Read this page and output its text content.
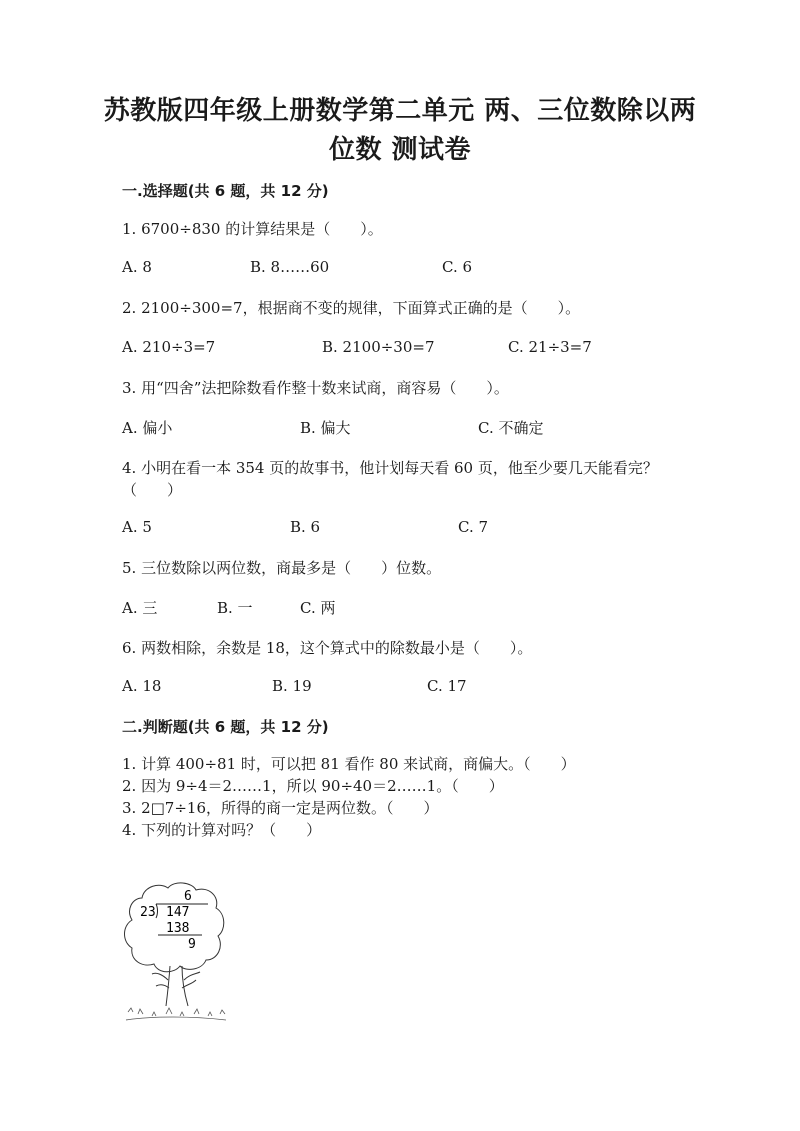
苏教版四年级上册数学第二单元 两、三位数除以两
位数 测试卷
一.选择题(共 6 题，共 12 分)
1. 6700÷830 的计算结果是（　　）。
A. 8	B. 8……60	C. 6
2. 2100÷300=7，根据商不变的规律，下面算式正确的是（　　）。
A. 210÷3=7	B. 2100÷30=7	C. 21÷3=7
3. 用“四舍”法把除数看作整十数来试商，商容易（　　）。
A. 偏小	B. 偏大	C. 不确定
4. 小明在看一本 354 页的故事书，他计划每天看 60 页，他至少要几天能看完？（　　）
A. 5	B. 6	C. 7
5. 三位数除以两位数，商最多是（　　）位数。
A. 三	B. 一	C. 两
6. 两数相除，余数是 18，这个算式中的除数最小是（　　）。
A. 18	B. 19	C. 17
二.判断题(共 6 题，共 12 分)
1. 计算 400÷81 时，可以把 81 看作 80 来试商，商偏大。（　　）
2. 因为 9÷4＝2……1，所以 90÷40＝2……1。（　　）
3. 2□7÷16，所得的商一定是两位数。（　　）
4. 下列的计算对吗？（　　）
6
23 147
138
9
